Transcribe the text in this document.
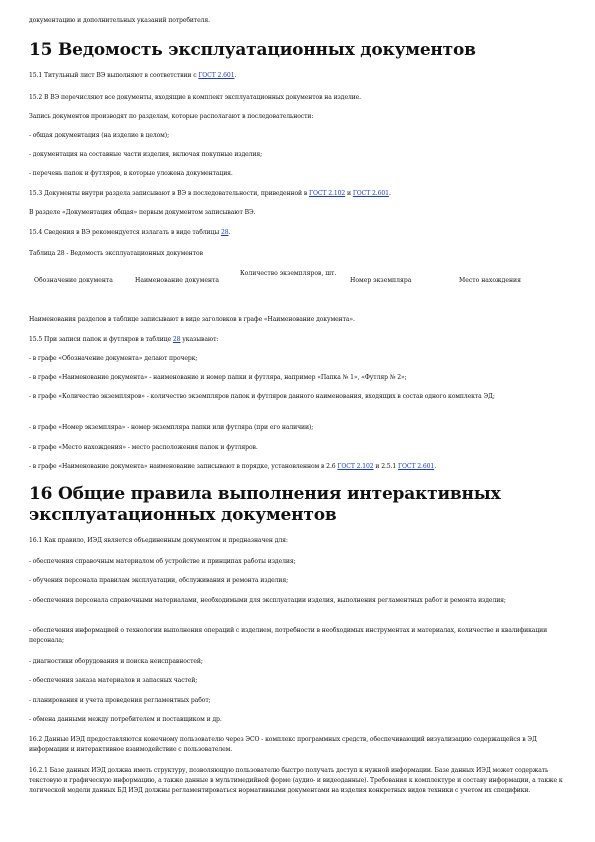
документацию и дополнительных указаний потребителя.

15 Ведомость эксплуатационных документов

15.1 Титульный лист ВЭ выполняют в соответствии с ГОСТ 2.601.

15.2 В ВЭ перечисляют все документы, входящие в комплект эксплуатационных документов на изделие.

Запись документов производят по разделам, которые располагают в последовательности:

- общая документация (на изделие в целом);

- документация на составные части изделия, включая покупные изделия;

- перечень папок и футляров, в которые уложена документация.

15.3 Документы внутри раздела записывают в ВЭ в последовательности, приведенной в ГОСТ 2.102 и ГОСТ 2.601.

В разделе «Документация общая» первым документом записывают ВЭ.

15.4 Сведения в ВЭ рекомендуется излагать в виде таблицы 28.

Таблица 28 - Ведомость эксплуатационных документов

Обозначение документа	Наименование документа
Количество экземпляров, шт.
Номер экземпляра	Место нахождения

Наименования разделов в таблице записывают в виде заголовков в графе «Наименование документа».

15.5 При записи папок и футляров в таблице 28 указывают:

- в графе «Обозначение документа» делают прочерк;

- в графе «Наименование документа» - наименование и номер папки и футляра, например «Папка № 1», «Футляр № 2»;

- в графе «Количество экземпляров» - количество экземпляров папок и футляров данного наименования, входящих в состав одного комплекта ЭД;

- в графе «Номер экземпляра» - номер экземпляра папки или футляра (при его наличии);

- в графе «Место нахождения» - место расположения папок и футляров.

- в графе «Наименование документа» наименование записывают в порядке, установленном в 2.6 ГОСТ 2.102 и 2.5.1 ГОСТ 2.601.

16 Общие правила выполнения интерактивных
эксплуатационных документов

16.1 Как правило, ИЭД является объединенным документом и предназначен для:

- обеспечения справочным материалом об устройстве и принципах работы изделия;

- обучения персонала правилам эксплуатации, обслуживания и ремонта изделия;

- обеспечения персонала справочными материалами, необходимыми для эксплуатации изделия, выполнения регламентных работ и ремонта изделия;

- обеспечения информацией о технологии выполнения операций с изделием, потребности в необходимых инструментах и материалах, количестве и квалификации персонала;

- диагностики оборудования и поиска неисправностей;

- обеспечения заказа материалов и запасных частей;

- планирования и учета проведения регламентных работ;

- обмена данными между потребителем и поставщиком и др.

16.2 Данные ИЭД предоставляются конечному пользователю через ЭСО - комплекс программных средств, обеспечивающий визуализацию содержащейся в ЭД информации и интерактивное взаимодействие с пользователем.

16.2.1 Базе данных ИЭД должна иметь структуру, позволяющую пользователю быстро получать доступ к нужной информации. Базе данных ИЭД может содержать текстовую и графическую информацию, а также данные в мультимедийной форме (аудио- и видеоданные). Требования к комплектуре и составу информации, а также к логической модели данных БД ИЭД должны регламентироваться нормативными документами на изделия конкретных видов техники с учетом их специфики.
